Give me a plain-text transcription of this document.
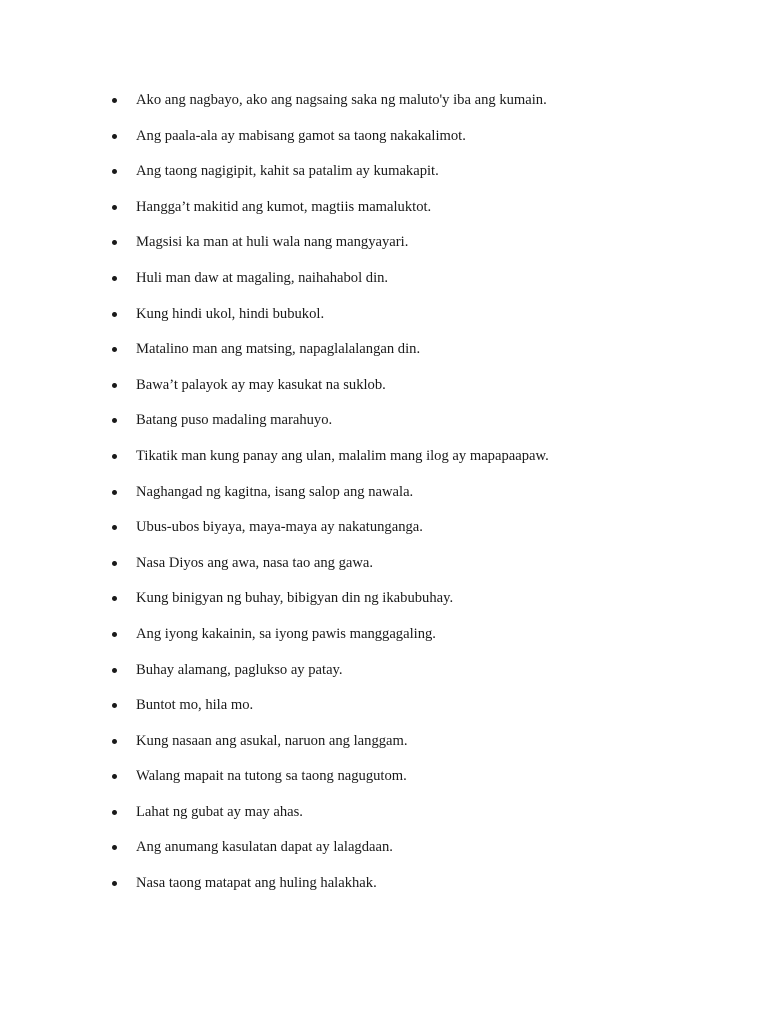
Ako ang nagbayo, ako ang nagsaing saka ng maluto'y iba ang kumain.
Ang paala-ala ay mabisang gamot sa taong nakakalimot.
Ang taong nagigipit, kahit sa patalim ay kumakapit.
Hangga’t makitid ang kumot, magtiis mamaluktot.
Magsisi ka man at huli wala nang mangyayari.
Huli man daw at magaling, naihahabol din.
Kung hindi ukol, hindi bubukol.
Matalino man ang matsing, napaglalalangan din.
Bawa’t palayok ay may kasukat na suklob.
Batang puso madaling marahuyo.
Tikatik man kung panay ang ulan, malalim mang ilog ay mapapaapaw.
Naghangad ng kagitna, isang salop ang nawala.
Ubus-ubos biyaya, maya-maya ay nakatunganga.
Nasa Diyos ang awa, nasa tao ang gawa.
Kung binigyan ng buhay, bibigyan din ng ikabubuhay.
Ang iyong kakainin, sa iyong pawis manggagaling.
Buhay alamang, paglukso ay patay.
Buntot mo, hila mo.
Kung nasaan ang asukal, naruon ang langgam.
Walang mapait na tutong sa taong nagugutom.
Lahat ng gubat ay may ahas.
Ang anumang kasulatan dapat ay lalagdaan.
Nasa taong matapat ang huling halakhak.
